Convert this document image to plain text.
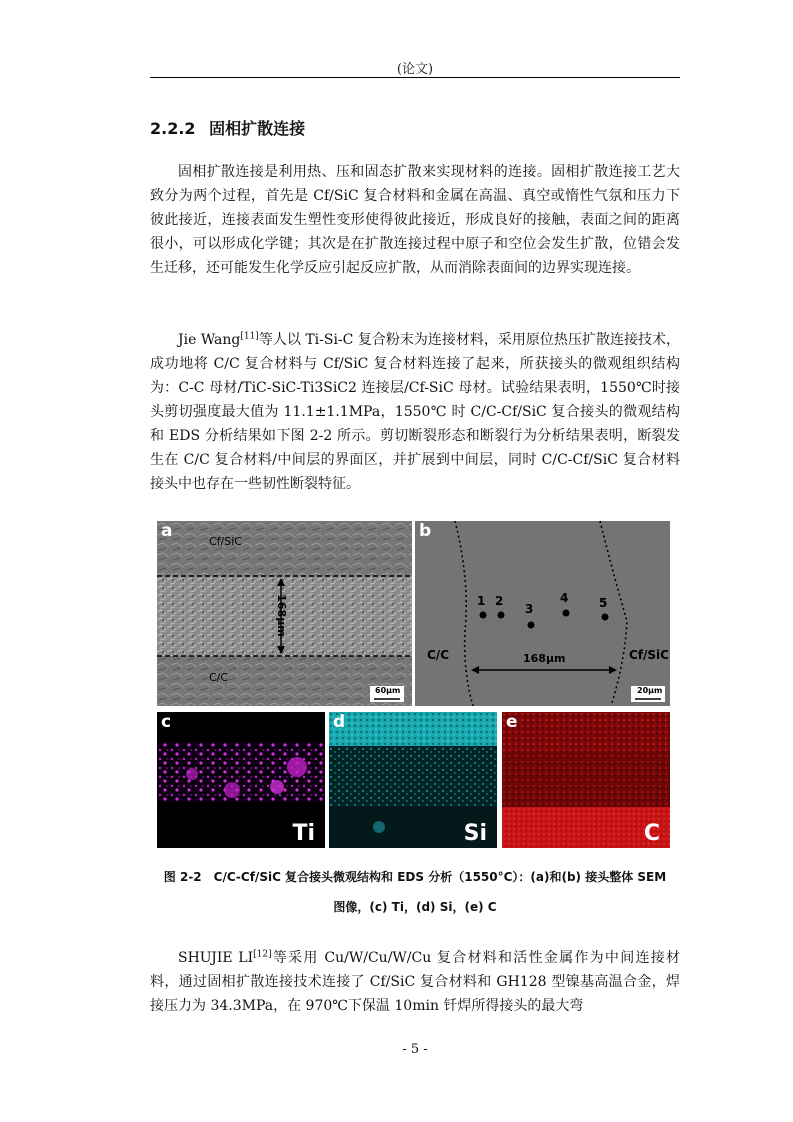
(论文)
2.2.2 固相扩散连接

固相扩散连接是利用热、压和固态扩散来实现材料的连接。固相扩散连接工艺大致分为两个过程，首先是 Cf/SiC 复合材料和金属在高温、真空或惰性气氛和压力下彼此接近，连接表面发生塑性变形使得彼此接近，形成良好的接触，表面之间的距离很小，可以形成化学键；其次是在扩散连接过程中原子和空位会发生扩散，位错会发生迁移，还可能发生化学反应引起反应扩散，从而消除表面间的边界实现连接。

Jie Wang[11]等人以 Ti-Si-C 复合粉末为连接材料，采用原位热压扩散连接技术，成功地将 C/C 复合材料与 Cf/SiC 复合材料连接了起来，所获接头的微观组织结构为：C-C 母材/TiC-SiC-Ti3SiC2 连接层/Cf-SiC 母材。试验结果表明，1550℃时接头剪切强度最大值为 11.1±1.1MPa，1550℃ 时 C/C-Cf/SiC 复合接头的微观结构和 EDS 分析结果如下图 2-2 所示。剪切断裂形态和断裂行为分析结果表明，断裂发生在 C/C 复合材料/中间层的界面区，并扩展到中间层，同时 C/C-Cf/SiC 复合材料接头中也存在一些韧性断裂特征。

a
Cf/SiC
C/C
168μm
60μm
b
1 2
3
4	5
C/C	Cf/SiC
168μm
20μm
c
Ti
d
Si
e
C
图 2-2　C/C-Cf/SiC 复合接头微观结构和 EDS 分析（1550°C）：(a)和(b) 接头整体 SEM
图像，(c) Ti，(d) Si，(e) C

SHUJIE LI[12]等采用 Cu/W/Cu/W/Cu 复合材料和活性金属作为中间连接材料，通过固相扩散连接技术连接了 Cf/SiC 复合材料和 GH128 型镍基高温合金，焊接压力为 34.3MPa，在 970℃下保温 10min 钎焊所得接头的最大弯

- 5 -
